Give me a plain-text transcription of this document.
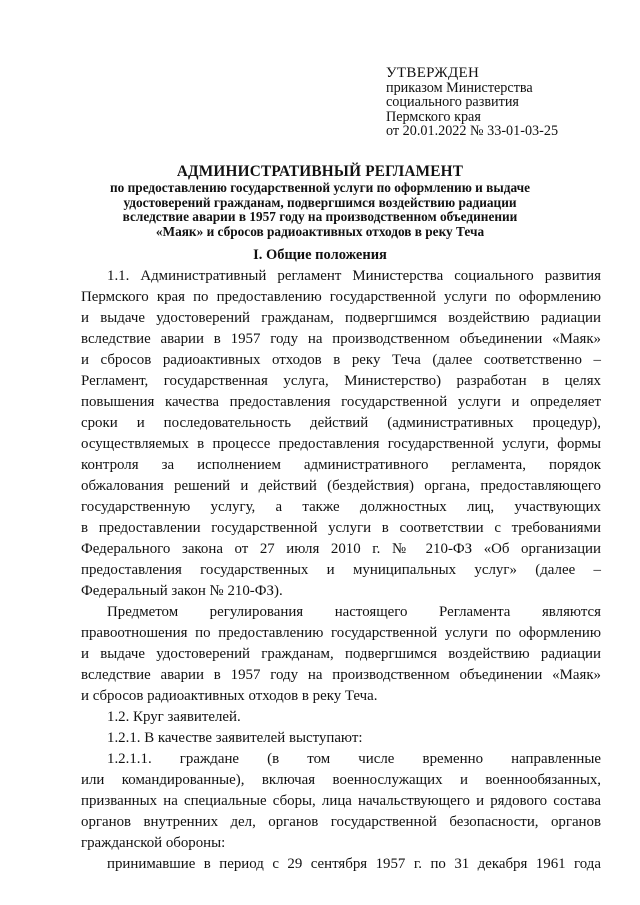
УТВЕРЖДЕН
приказом Министерства
социального развития
Пермского края
от 20.01.2022 № 33-01-03-25
АДМИНИСТРАТИВНЫЙ РЕГЛАМЕНТ
по предоставлению государственной услуги по оформлению и выдаче
удостоверений гражданам, подвергшимся воздействию радиации
вследствие аварии в 1957 году на производственном объединении
«Маяк» и сбросов радиоактивных отходов в реку Теча
I. Общие положения
1.1. Административный регламент Министерства социального развития
Пермского края по предоставлению государственной услуги по оформлению
и выдаче удостоверений гражданам, подвергшимся воздействию радиации
вследствие аварии в 1957 году на производственном объединении «Маяк»
и сбросов радиоактивных отходов в реку Теча (далее соответственно –
Регламент, государственная услуга, Министерство) разработан в целях
повышения качества предоставления государственной услуги и определяет
сроки и последовательность действий (административных процедур),
осуществляемых в процессе предоставления государственной услуги, формы
контроля за исполнением административного регламента, порядок
обжалования решений и действий (бездействия) органа, предоставляющего
государственную услугу, а также должностных лиц, участвующих
в предоставлении государственной услуги в соответствии с требованиями
Федерального закона от 27 июля 2010 г. № 210-ФЗ «Об организации
предоставления государственных и муниципальных услуг» (далее –
Федеральный закон № 210-ФЗ).
Предметом регулирования настоящего Регламента являются
правоотношения по предоставлению государственной услуги по оформлению
и выдаче удостоверений гражданам, подвергшимся воздействию радиации
вследствие аварии в 1957 году на производственном объединении «Маяк»
и сбросов радиоактивных отходов в реку Теча.
1.2. Круг заявителей.
1.2.1. В качестве заявителей выступают:
1.2.1.1. граждане (в том числе временно направленные
или командированные), включая военнослужащих и военнообязанных,
призванных на специальные сборы, лица начальствующего и рядового состава
органов внутренних дел, органов государственной безопасности, органов
гражданской обороны:
принимавшие в период с 29 сентября 1957 г. по 31 декабря 1961 года
